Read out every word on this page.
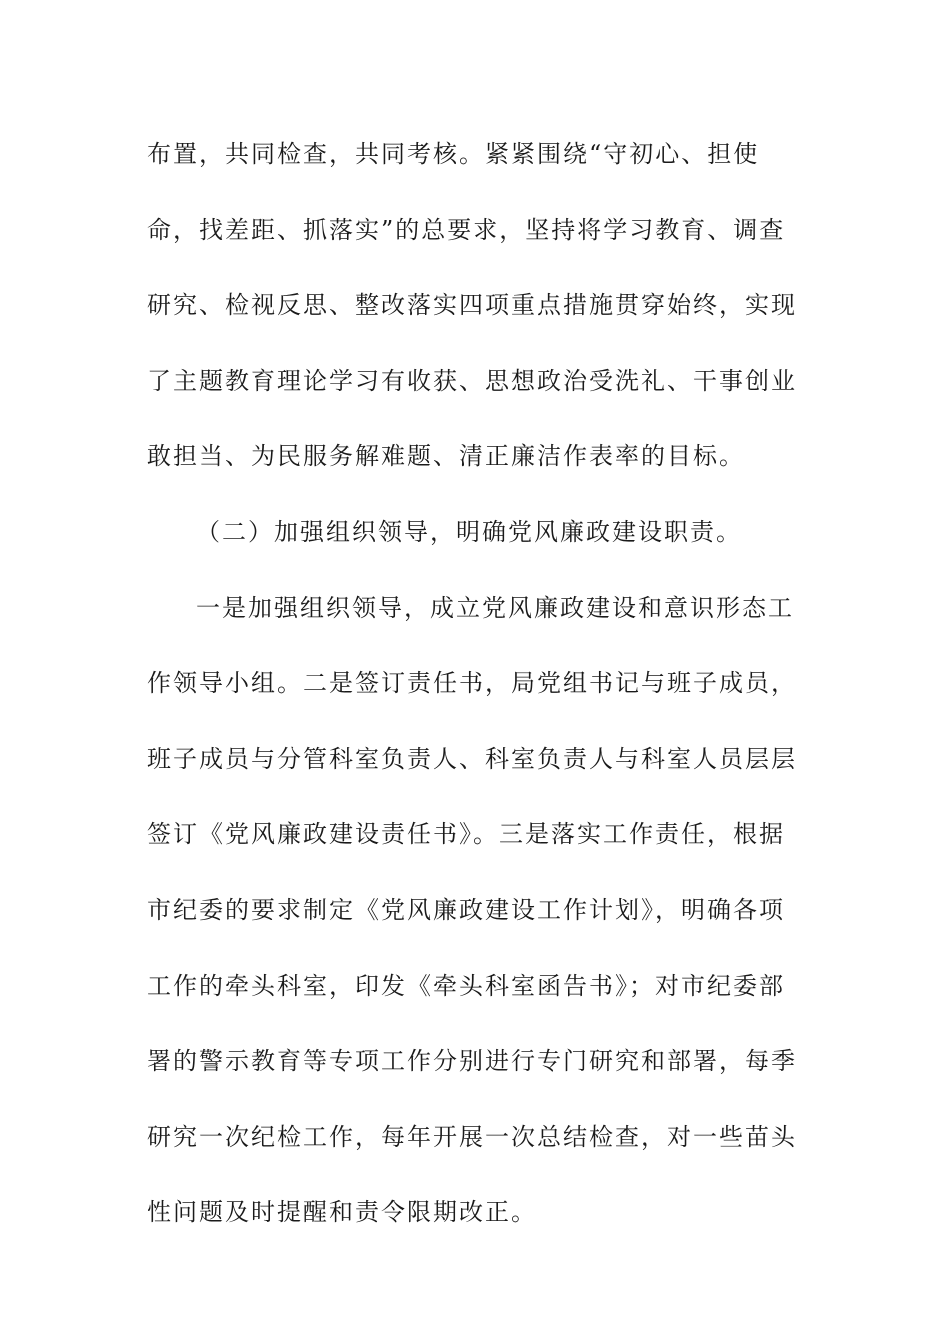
布置，共同检查，共同考核。紧紧围绕“守初心、担使
命，找差距、抓落实”的总要求，坚持将学习教育、调查
研究、检视反思、整改落实四项重点措施贯穿始终，实现
了主题教育理论学习有收获、思想政治受洗礼、干事创业
敢担当、为民服务解难题、清正廉洁作表率的目标。
（二）加强组织领导，明确党风廉政建设职责。
一是加强组织领导，成立党风廉政建设和意识形态工
作领导小组。二是签订责任书，局党组书记与班子成员，
班子成员与分管科室负责人、科室负责人与科室人员层层
签订《党风廉政建设责任书》。三是落实工作责任，根据
市纪委的要求制定《党风廉政建设工作计划》，明确各项
工作的牵头科室，印发《牵头科室函告书》；对市纪委部
署的警示教育等专项工作分别进行专门研究和部署，每季
研究一次纪检工作，每年开展一次总结检查，对一些苗头
性问题及时提醒和责令限期改正。
